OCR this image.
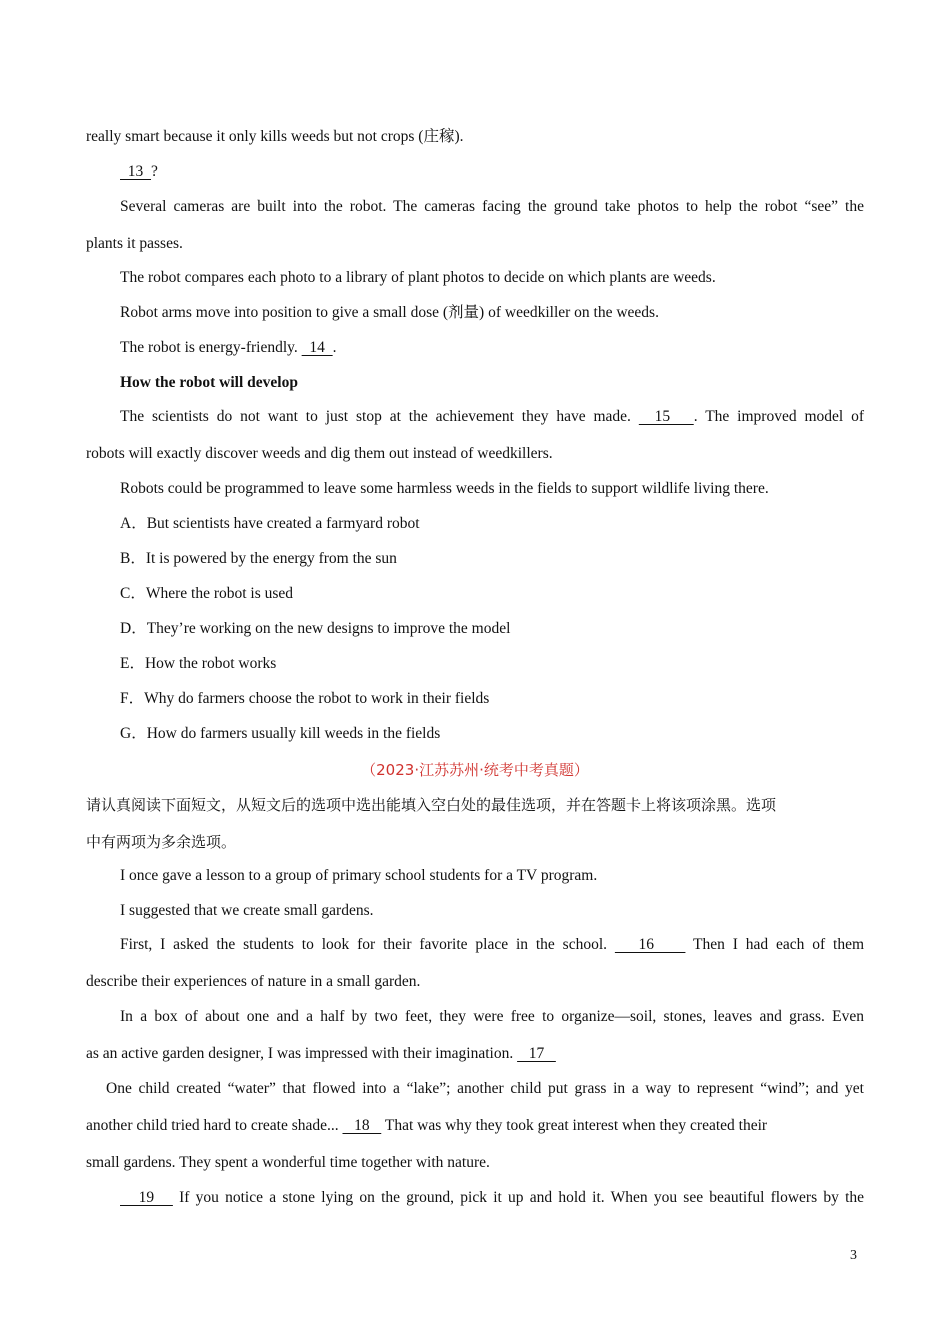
really smart because it only kills weeds but not crops (庄稼).
13  ?
Several cameras are built into the robot. The cameras facing the ground take photos to help the robot “see” the
plants it passes.
The robot compares each photo to a library of plant photos to decide on which plants are weeds.
Robot arms move into position to give a small dose (剂量) of weedkiller on the weeds.
The robot is energy-friendly.   14  .
How the robot will develop
The scientists do not want to just stop at the achievement they have made.   15   . The improved model of
robots will exactly discover weeds and dig them out instead of weedkillers.
Robots could be programmed to leave some harmless weeds in the fields to support wildlife living there.
A．But scientists have created a farmyard robot
B．It is powered by the energy from the sun
C．Where the robot is used
D．They’re working on the new designs to improve the model
E．How the robot works
F．Why do farmers choose the robot to work in their fields
G．How do farmers usually kill weeds in the fields
（2023·江苏苏州·统考中考真题）
请认真阅读下面短文，从短文后的选项中选出能填入空白处的最佳选项，并在答题卡上将该项涂黑。选项
中有两项为多余选项。
I once gave a lesson to a group of primary school students for a TV program.
I suggested that we create small gardens.
First, I asked the students to look for their favorite place in the school.    16     Then I had each of them
describe their experiences of nature in a small garden.
In a box of about one and a half by two feet, they were free to organize—soil, stones, leaves and grass. Even
as an active garden designer, I was impressed with their imagination.    17
One child created “water” that flowed into a “lake”; another child put grass in a way to represent “wind”; and yet
another child tried hard to create shade...    18    That was why they took great interest when they created their
small gardens. They spent a wonderful time together with nature.
19    If you notice a stone lying on the ground, pick it up and hold it. When you see beautiful flowers by the
3
